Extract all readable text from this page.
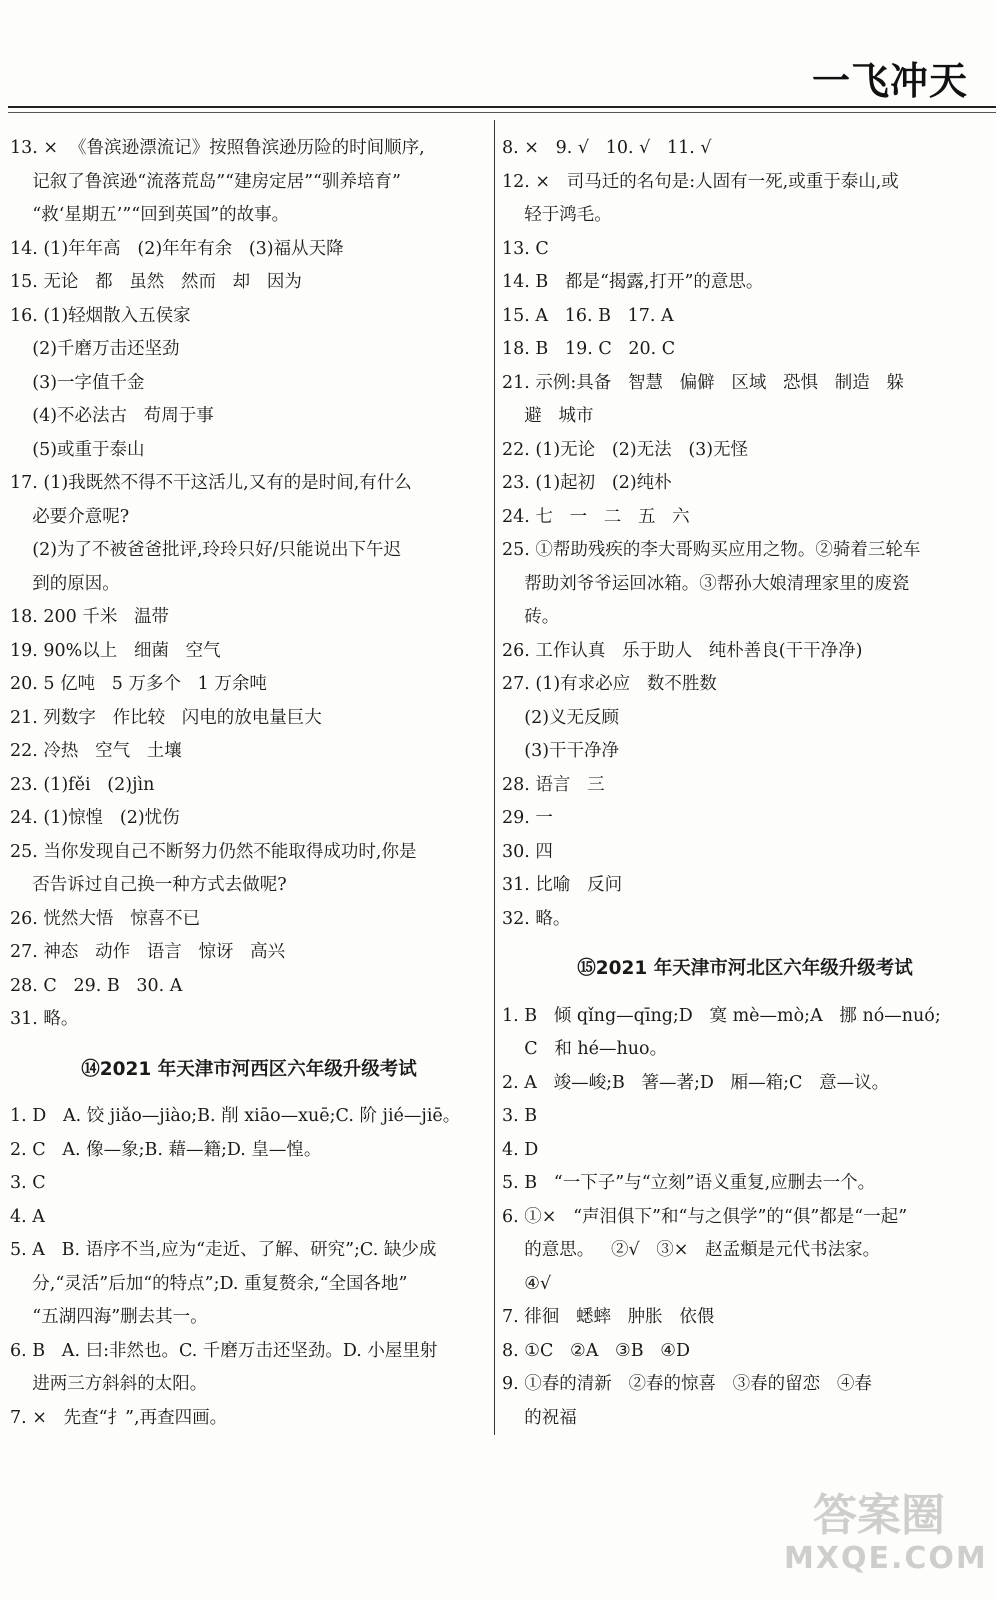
一飞冲天
13. ×  《鲁滨逊漂流记》按照鲁滨逊历险的时间顺序,
记叙了鲁滨逊“流落荒岛”“建房定居”“驯养培育”
“救‘星期五’”“回到英国”的故事。
14. (1)年年高   (2)年年有余   (3)福从天降
15. 无论   都   虽然   然而   却   因为
16. (1)轻烟散入五侯家
(2)千磨万击还坚劲
(3)一字值千金
(4)不必法古   苟周于事
(5)或重于泰山
17. (1)我既然不得不干这活儿,又有的是时间,有什么
必要介意呢?
(2)为了不被爸爸批评,玲玲只好/只能说出下午迟
到的原因。
18. 200 千米   温带
19. 90%以上   细菌   空气
20. 5 亿吨   5 万多个   1 万余吨
21. 列数字   作比较   闪电的放电量巨大
22. 冷热   空气   土壤
23. (1)fěi   (2)jìn
24. (1)惊惶   (2)忧伤
25. 当你发现自己不断努力仍然不能取得成功时,你是
否告诉过自己换一种方式去做呢?
26. 恍然大悟   惊喜不已
27. 神态   动作   语言   惊讶   高兴
28. C   29. B   30. A
31. 略。
⑭2021 年天津市河西区六年级升级考试
1. D   A. 饺 jiǎo—jiào;B. 削 xiāo—xuē;C. 阶 jié—jiē。
2. C   A. 像—象;B. 藉—籍;D. 皇—惶。
3. C
4. A
5. A   B. 语序不当,应为“走近、了解、研究”;C. 缺少成
分,“灵活”后加“的特点”;D. 重复赘余,“全国各地”
“五湖四海”删去其一。
6. B   A. 曰:非然也。C. 千磨万击还坚劲。D. 小屋里射
进两三方斜斜的太阳。
7. ×   先查“扌”,再查四画。
8. ×   9. √   10. √   11. √
12. ×   司马迁的名句是:人固有一死,或重于泰山,或
轻于鸿毛。
13. C
14. B   都是“揭露,打开”的意思。
15. A   16. B   17. A
18. B   19. C   20. C
21. 示例:具备   智慧   偏僻   区域   恐惧   制造   躲
避   城市
22. (1)无论   (2)无法   (3)无怪
23. (1)起初   (2)纯朴
24. 七   一   二   五   六
25. ①帮助残疾的李大哥购买应用之物。②骑着三轮车
帮助刘爷爷运回冰箱。③帮孙大娘清理家里的废瓷
砖。
26. 工作认真   乐于助人   纯朴善良(干干净净)
27. (1)有求必应   数不胜数
(2)义无反顾
(3)干干净净
28. 语言   三
29. 一
30. 四
31. 比喻   反问
32. 略。
⑮2021 年天津市河北区六年级升级考试
1. B   倾 qǐng—qīng;D   寞 mè—mò;A   挪 nó—nuó;
C   和 hé—huo。
2. A   竣—峻;B   箸—著;D   厢—箱;C   意—议。
3. B
4. D
5. B   “一下子”与“立刻”语义重复,应删去一个。
6. ①×   “声泪俱下”和“与之俱学”的“俱”都是“一起”
的意思。   ②√   ③×   赵孟頫是元代书法家。
④√
7. 徘徊   蟋蟀   肿胀   依偎
8. ①C   ②A   ③B   ④D
9. ①春的清新   ②春的惊喜   ③春的留恋   ④春
的祝福
答案圈
MXQE.COM
